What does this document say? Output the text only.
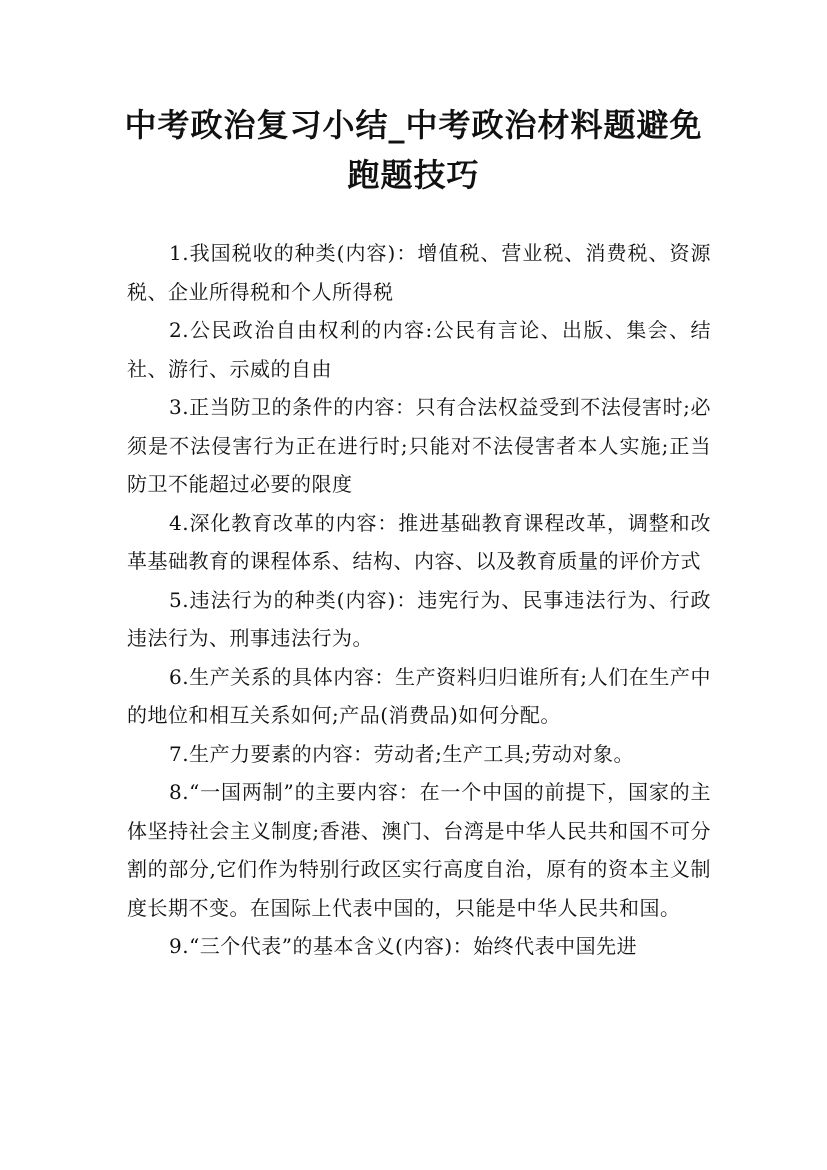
中考政治复习小结_中考政治材料题避免跑题技巧

1.我国税收的种类(内容)：增值税、营业税、消费税、资源税、企业所得税和个人所得税

2.公民政治自由权利的内容:公民有言论、出版、集会、结社、游行、示威的自由

3.正当防卫的条件的内容：只有合法权益受到不法侵害时;必须是不法侵害行为正在进行时;只能对不法侵害者本人实施;正当防卫不能超过必要的限度

4.深化教育改革的内容：推进基础教育课程改革，调整和改革基础教育的课程体系、结构、内容、以及教育质量的评价方式

5.违法行为的种类(内容)：违宪行为、民事违法行为、行政违法行为、刑事违法行为。

6.生产关系的具体内容：生产资料归归谁所有;人们在生产中的地位和相互关系如何;产品(消费品)如何分配。

7.生产力要素的内容：劳动者;生产工具;劳动对象。

8.“一国两制”的主要内容：在一个中国的前提下，国家的主体坚持社会主义制度;香港、澳门、台湾是中华人民共和国不可分割的部分,它们作为特别行政区实行高度自治，原有的资本主义制度长期不变。在国际上代表中国的，只能是中华人民共和国。

9.“三个代表”的基本含义(内容)：始终代表中国先进
